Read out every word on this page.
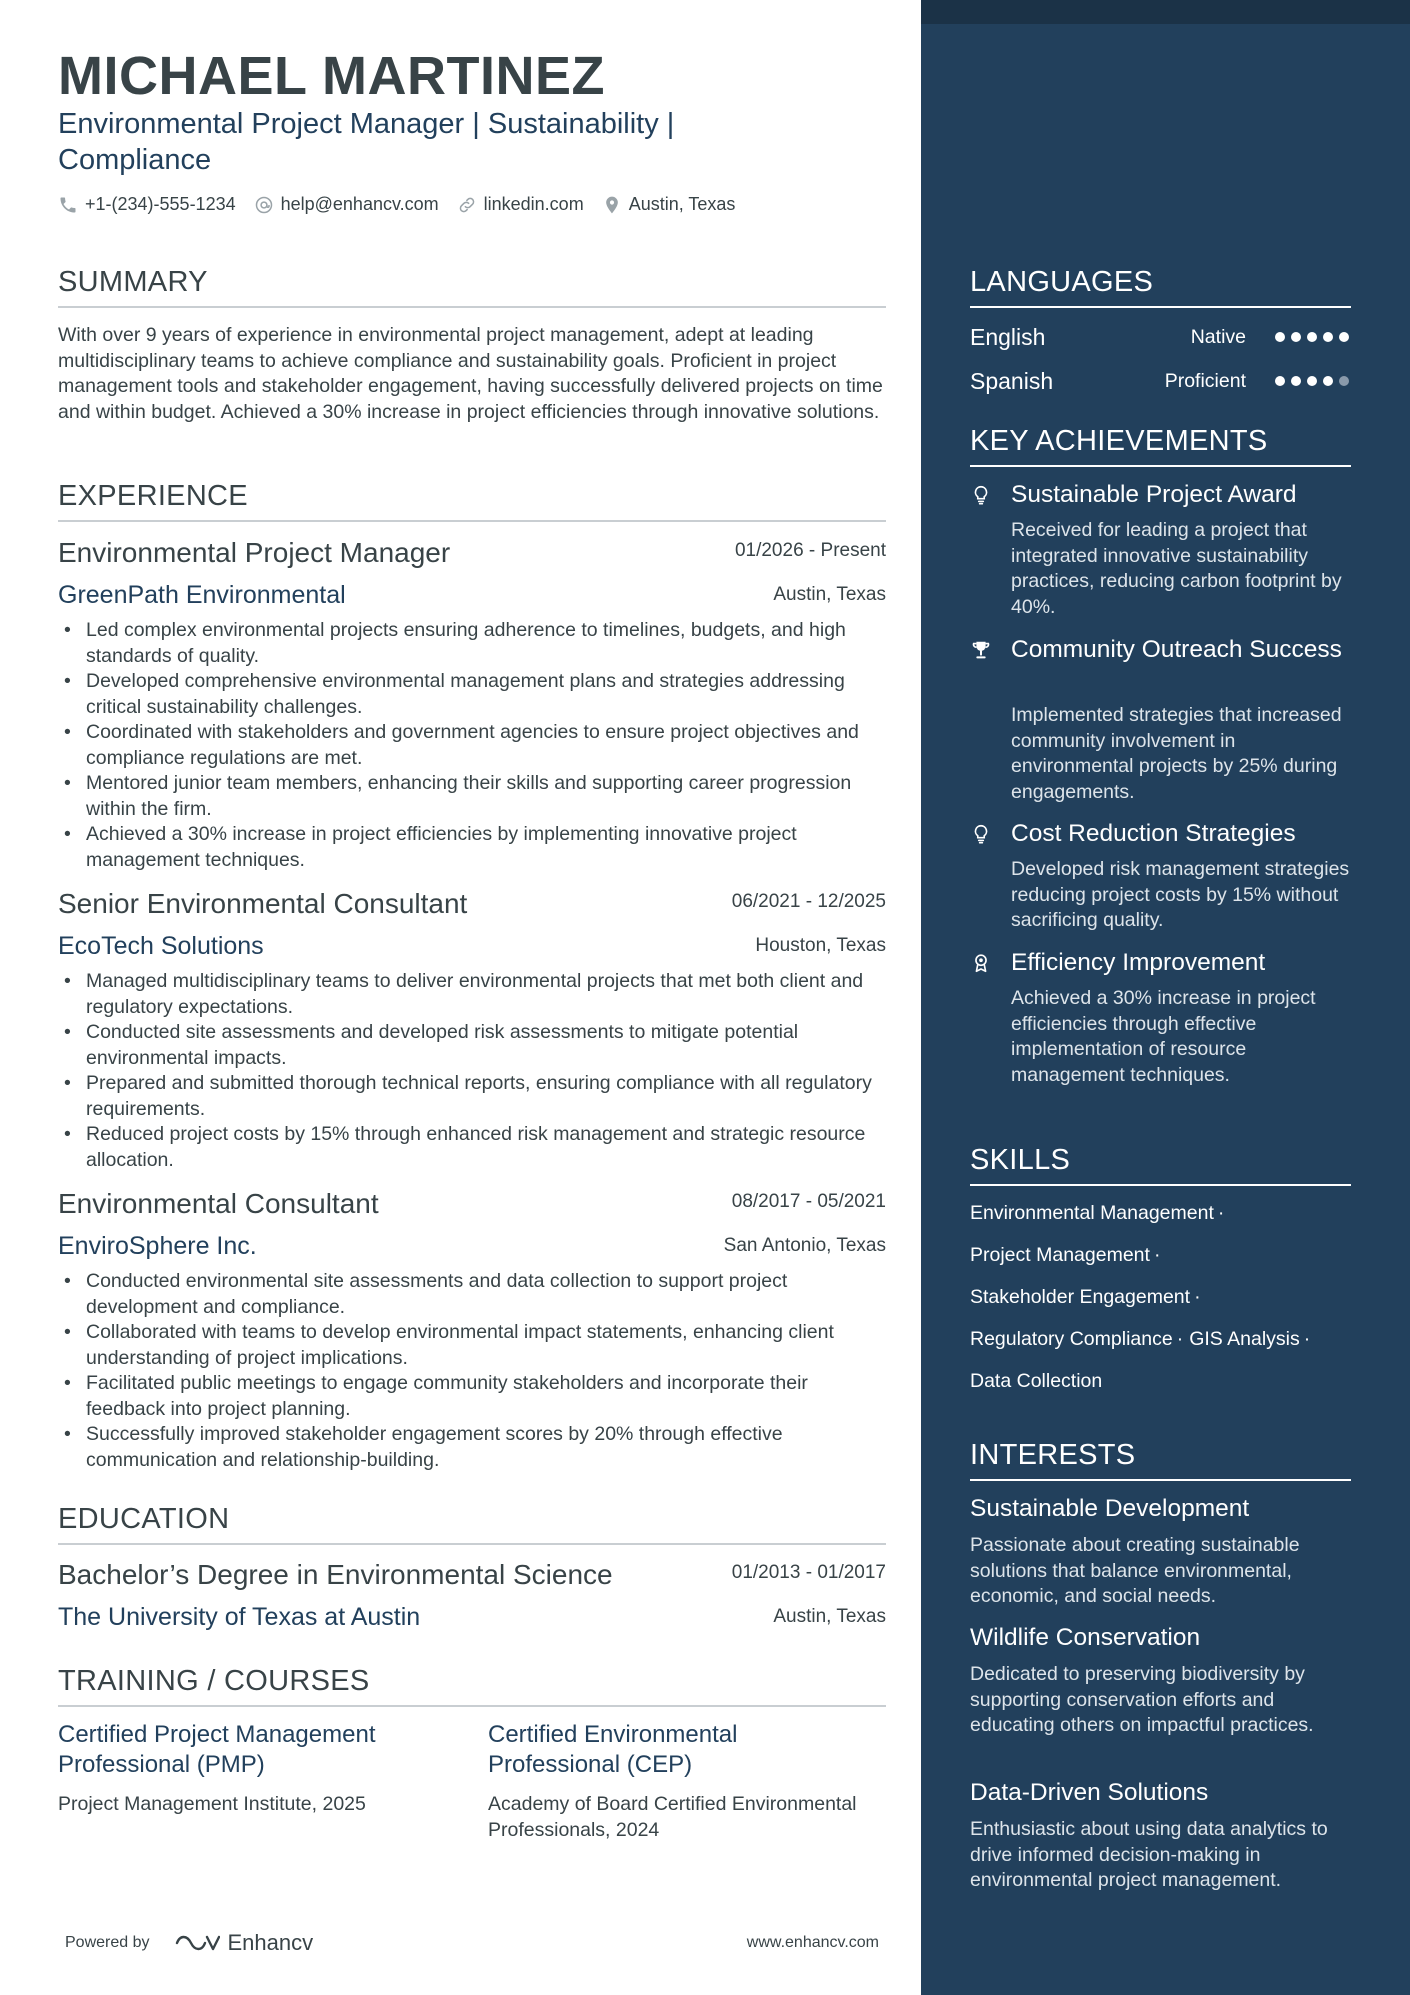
MICHAEL MARTINEZ
Environmental Project Manager | Sustainability | Compliance
+1-(234)-555-1234	help@enhancv.com	linkedin.com	Austin, Texas
SUMMARY
With over 9 years of experience in environmental project management, adept at leading multidisciplinary teams to achieve compliance and sustainability goals. Proficient in project management tools and stakeholder engagement, having successfully delivered projects on time and within budget. Achieved a 30% increase in project efficiencies through innovative solutions.
EXPERIENCE
Environmental Project Manager	01/2026 - Present
GreenPath Environmental	Austin, Texas
• Led complex environmental projects ensuring adherence to timelines, budgets, and high standards of quality.
• Developed comprehensive environmental management plans and strategies addressing critical sustainability challenges.
• Coordinated with stakeholders and government agencies to ensure project objectives and compliance regulations are met.
• Mentored junior team members, enhancing their skills and supporting career progression within the firm.
• Achieved a 30% increase in project efficiencies by implementing innovative project management techniques.
Senior Environmental Consultant	06/2021 - 12/2025
EcoTech Solutions	Houston, Texas
• Managed multidisciplinary teams to deliver environmental projects that met both client and regulatory expectations.
• Conducted site assessments and developed risk assessments to mitigate potential environmental impacts.
• Prepared and submitted thorough technical reports, ensuring compliance with all regulatory requirements.
• Reduced project costs by 15% through enhanced risk management and strategic resource allocation.
Environmental Consultant	08/2017 - 05/2021
EnviroSphere Inc.	San Antonio, Texas
• Conducted environmental site assessments and data collection to support project development and compliance.
• Collaborated with teams to develop environmental impact statements, enhancing client understanding of project implications.
• Facilitated public meetings to engage community stakeholders and incorporate their feedback into project planning.
• Successfully improved stakeholder engagement scores by 20% through effective communication and relationship-building.
EDUCATION
Bachelor’s Degree in Environmental Science	01/2013 - 01/2017
The University of Texas at Austin	Austin, Texas
TRAINING / COURSES
Certified Project Management Professional (PMP)
Project Management Institute, 2025
Certified Environmental Professional (CEP)
Academy of Board Certified Environmental Professionals, 2024
Powered by	Enhancv	www.enhancv.com
LANGUAGES
English	Native
Spanish	Proficient
KEY ACHIEVEMENTS
Sustainable Project Award
Received for leading a project that integrated innovative sustainability practices, reducing carbon footprint by 40%.
Community Outreach Success
Implemented strategies that increased community involvement in environmental projects by 25% during engagements.
Cost Reduction Strategies
Developed risk management strategies reducing project costs by 15% without sacrificing quality.
Efficiency Improvement
Achieved a 30% increase in project efficiencies through effective implementation of resource management techniques.
SKILLS
Environmental Management ·
Project Management ·
Stakeholder Engagement ·
Regulatory Compliance · GIS Analysis ·
Data Collection
INTERESTS
Sustainable Development
Passionate about creating sustainable solutions that balance environmental, economic, and social needs.
Wildlife Conservation
Dedicated to preserving biodiversity by supporting conservation efforts and educating others on impactful practices.
Data-Driven Solutions
Enthusiastic about using data analytics to drive informed decision-making in environmental project management.
